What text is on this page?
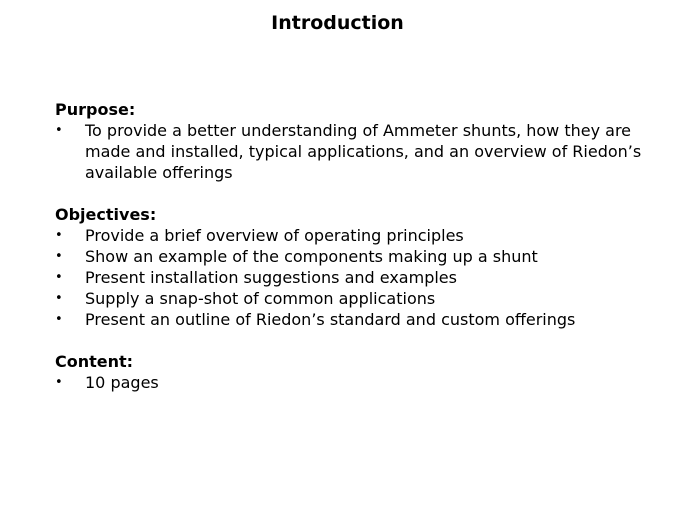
Introduction
Purpose:
• To provide a better understanding of Ammeter shunts, how they are made and installed, typical applications, and an overview of Riedon’s available offerings
Objectives:
• Provide a brief overview of operating principles
• Show an example of the components making up a shunt
• Present installation suggestions and examples
• Supply a snap-shot of common applications
• Present an outline of Riedon’s standard and custom offerings
Content:
• 10 pages
